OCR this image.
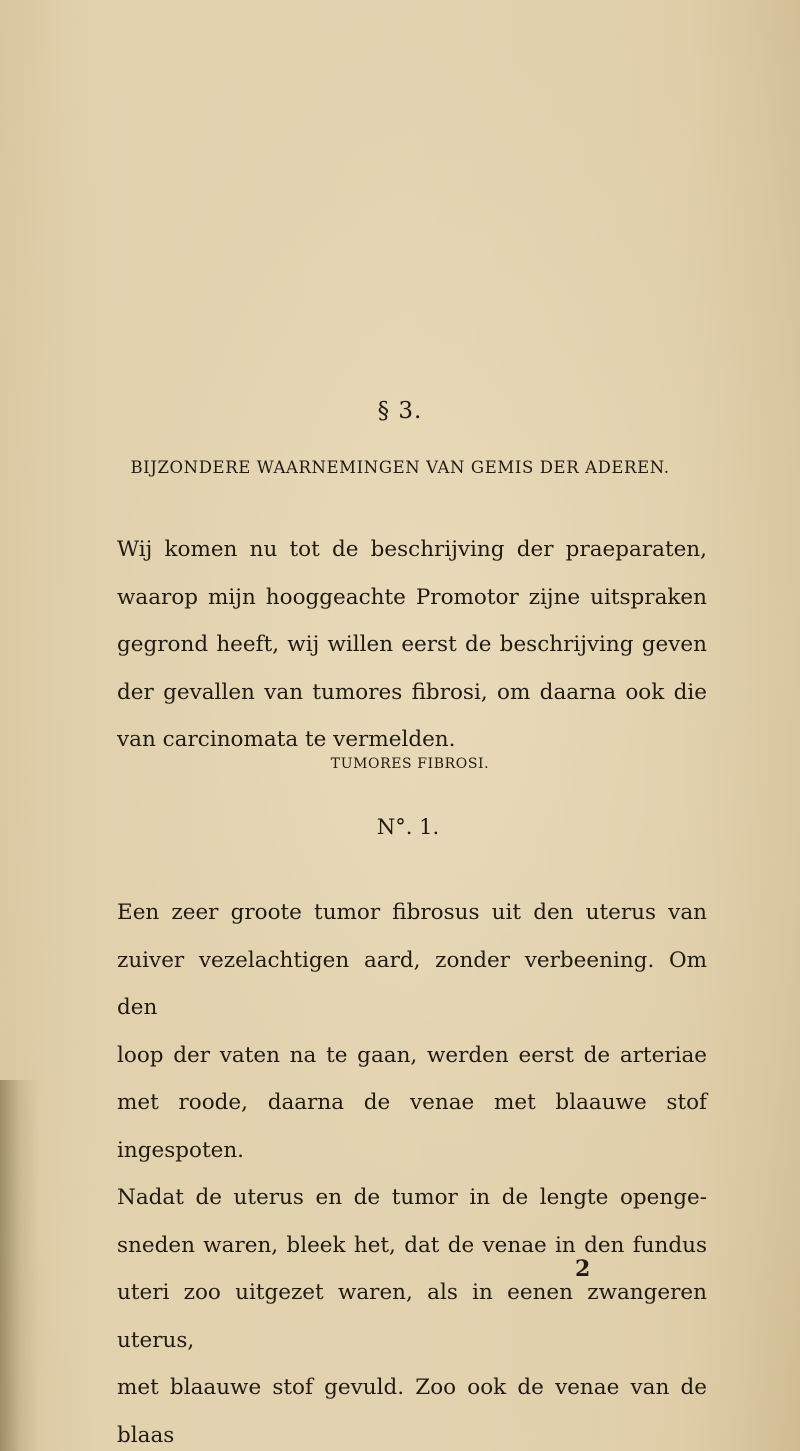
§ 3.
BIJZONDERE WAARNEMINGEN VAN GEMIS DER ADEREN.
Wij komen nu tot de beschrijving der praeparaten,
waarop mijn hooggeachte Promotor zijne uitspraken
gegrond heeft, wij willen eerst de beschrijving geven
der gevallen van tumores fibrosi, om daarna ook die
van carcinomata te vermelden.
TUMORES FIBROSI.
N°. 1.
Een zeer groote tumor fibrosus uit den uterus van
zuiver vezelachtigen aard, zonder verbeening. Om den
loop der vaten na te gaan, werden eerst de arteriae
met roode, daarna de venae met blaauwe stof ingespoten.
Nadat de uterus en de tumor in de lengte openge-
sneden waren, bleek het, dat de venae in den fundus
uteri zoo uitgezet waren, als in eenen zwangeren uterus,
met blaauwe stof gevuld. Zoo ook de venae van de blaas
2
